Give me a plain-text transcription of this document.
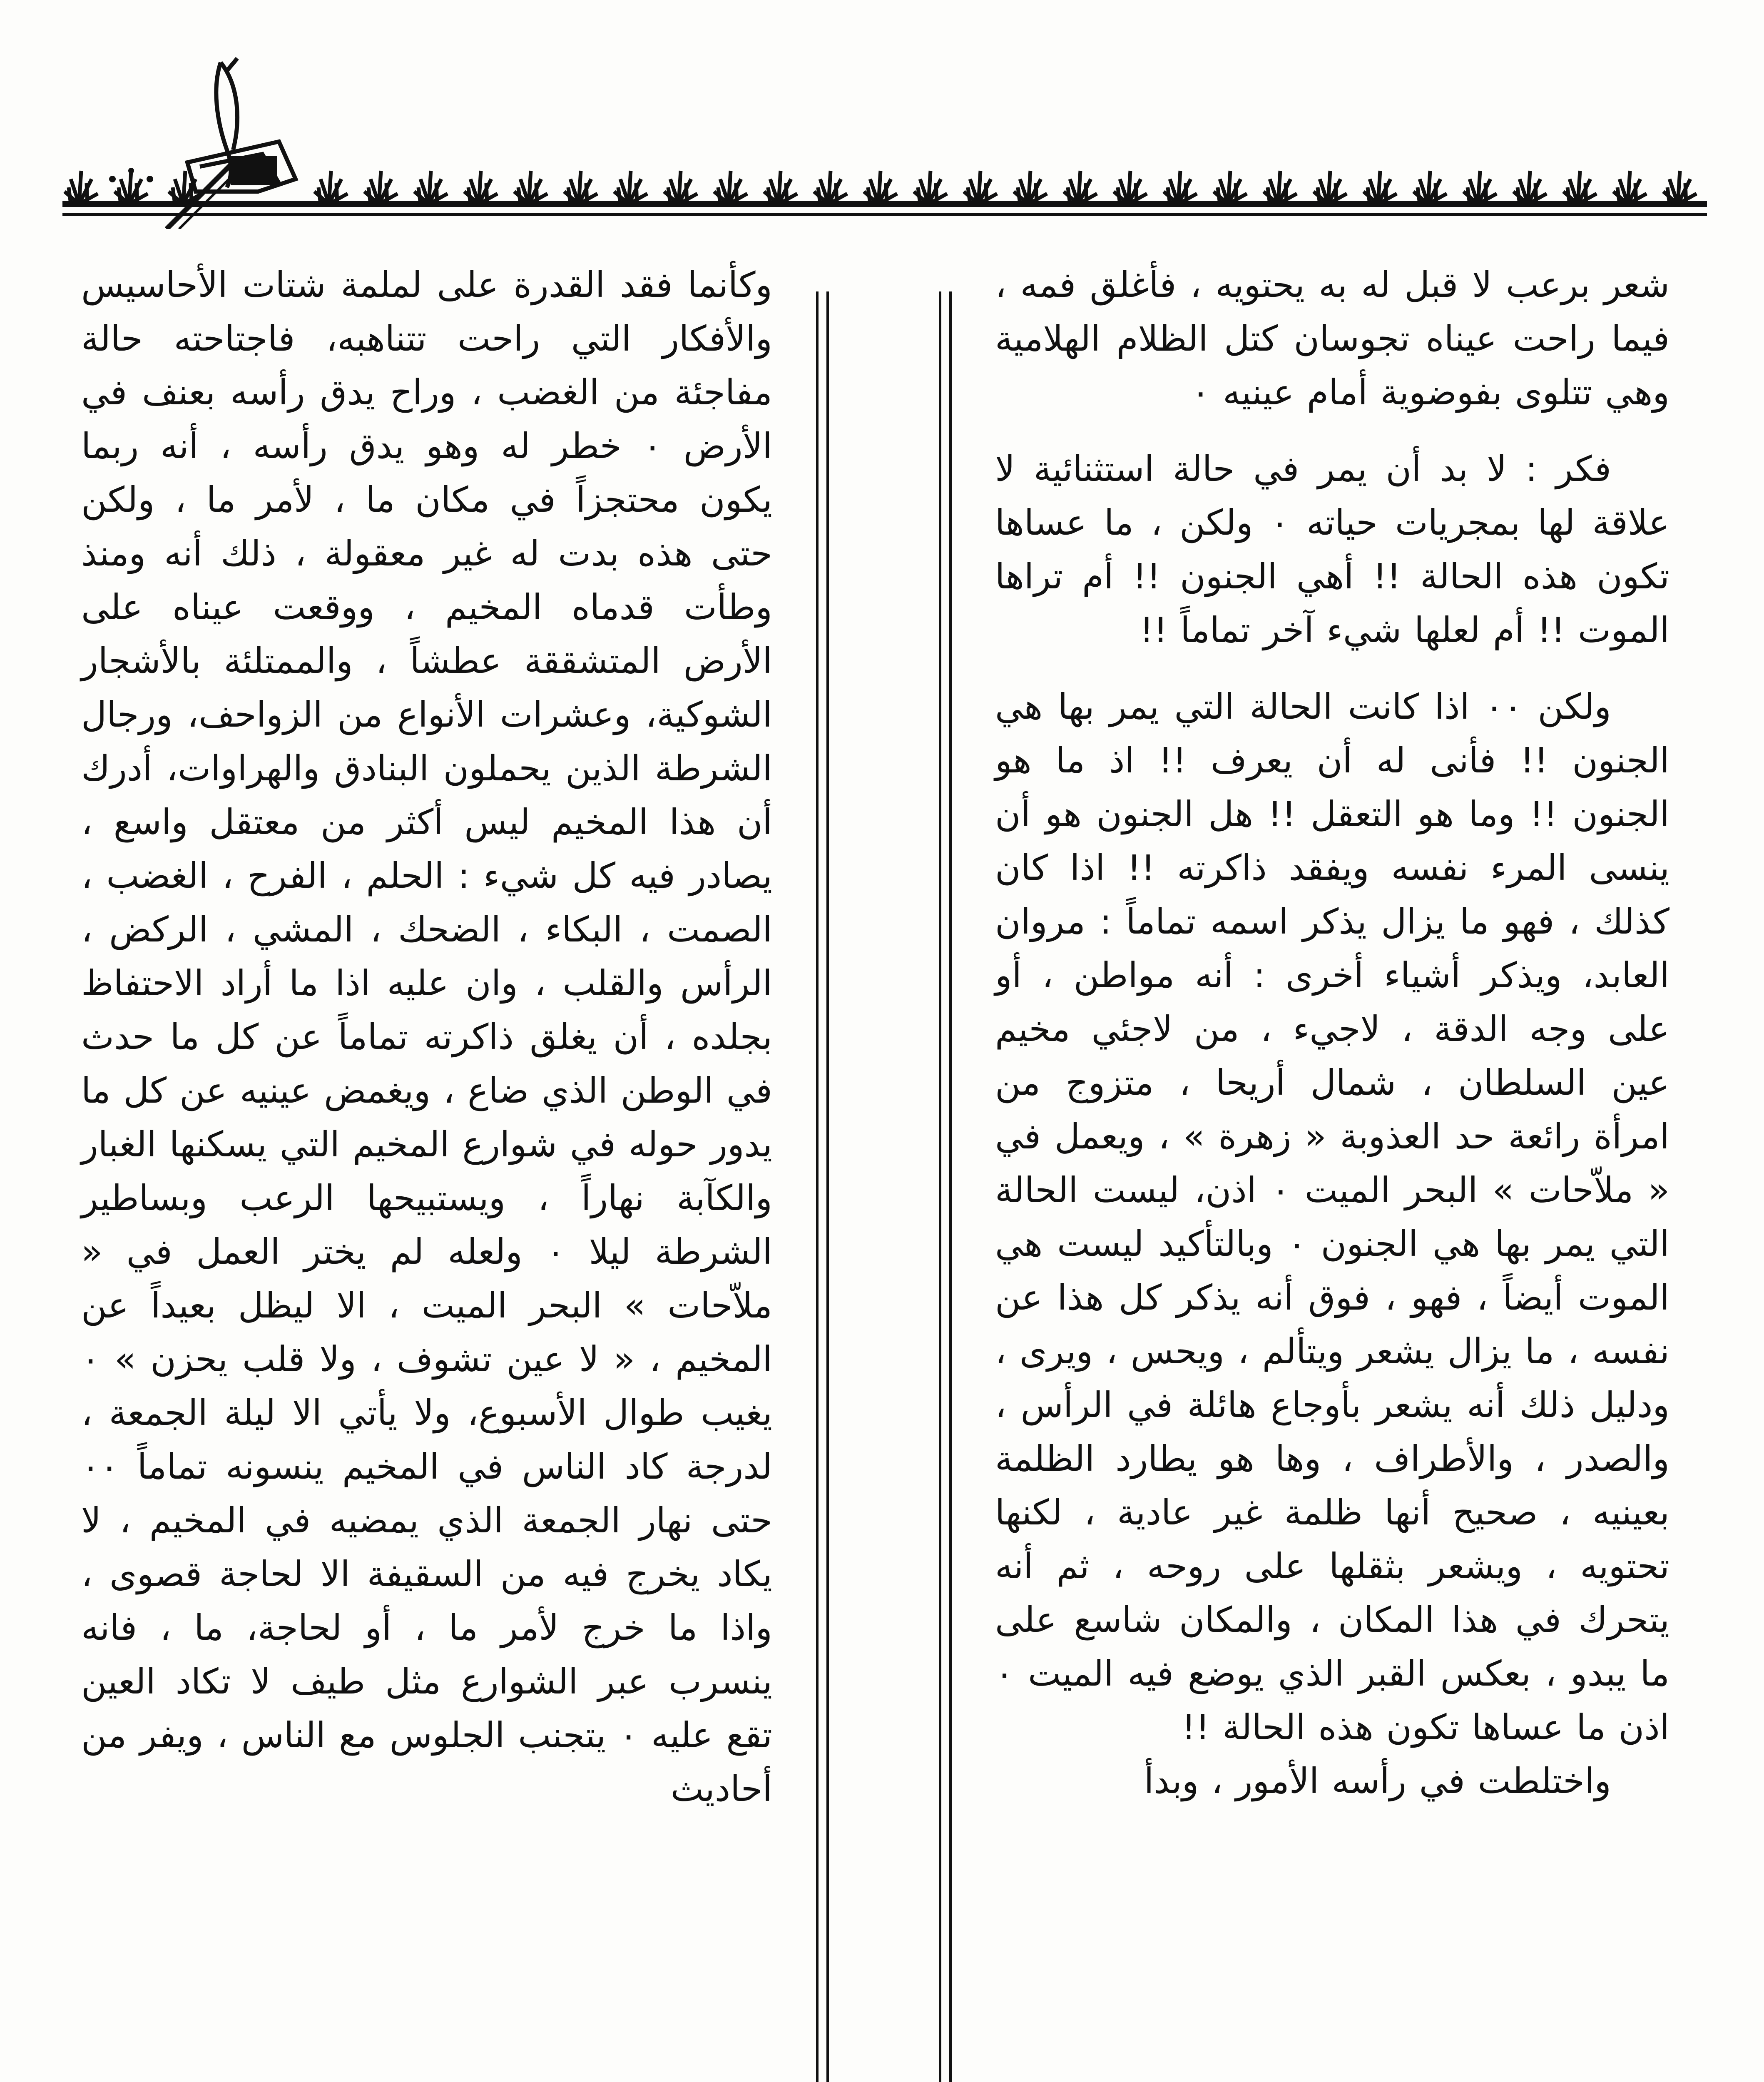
شعر برعب لا قبل له به يحتويه ، فأغلق فمه ، فيما راحت عيناه تجوسان كتل الظلام الهلامية وهي تتلوى بفوضوية أمام عينيه ٠

فكر : لا بد أن يمر في حالة استثنائية لا علاقة لها بمجريات حياته ٠ ولكن ، ما عساها تكون هذه الحالة !! أهي الجنون !! أم تراها الموت !! أم لعلها شيء آخر تماماً !!

ولكن ٠٠ اذا كانت الحالة التي يمر بها هي الجنون !! فأنى له أن يعرف !! اذ ما هو الجنون !! وما هو التعقل !! هل الجنون هو أن ينسى المرء نفسه ويفقد ذاكرته !! اذا كان كذلك ، فهو ما يزال يذكر اسمه تماماً : مروان العابد، ويذكر أشياء أخرى : أنه مواطن ، أو على وجه الدقة ، لاجيء ، من لاجئي مخيم عين السلطان ، شمال أريحا ، متزوج من امرأة رائعة حد العذوبة « زهرة » ، ويعمل في « ملاّحات » البحر الميت ٠ اذن، ليست الحالة التي يمر بها هي الجنون ٠ وبالتأكيد ليست هي الموت أيضاً ، فهو ، فوق أنه يذكر كل هذا عن نفسه ، ما يزال يشعر ويتألم ، ويحس ، ويرى ، ودليل ذلك أنه يشعر بأوجاع هائلة في الرأس ، والصدر ، والأطراف ، وها هو يطارد الظلمة بعينيه ، صحيح أنها ظلمة غير عادية ، لكنها تحتويه ، ويشعر بثقلها على روحه ، ثم أنه يتحرك في هذا المكان ، والمكان شاسع على ما يبدو ، بعكس القبر الذي يوضع فيه الميت ٠ اذن ما عساها تكون هذه الحالة !!

واختلطت في رأسه الأمور ، وبدأ

وكأنما فقد القدرة على لملمة شتات الأحاسيس والأفكار التي راحت تتناهبه، فاجتاحته حالة مفاجئة من الغضب ، وراح يدق رأسه بعنف في الأرض ٠ خطر له وهو يدق رأسه ، أنه ربما يكون محتجزاً في مكان ما ، لأمر ما ، ولكن حتى هذه بدت له غير معقولة ، ذلك أنه ومنذ وطأت قدماه المخيم ، ووقعت عيناه على الأرض المتشققة عطشاً ، والممتلئة بالأشجار الشوكية، وعشرات الأنواع من الزواحف، ورجال الشرطة الذين يحملون البنادق والهراوات، أدرك أن هذا المخيم ليس أكثر من معتقل واسع ، يصادر فيه كل شيء : الحلم ، الفرح ، الغضب ، الصمت ، البكاء ، الضحك ، المشي ، الركض ، الرأس والقلب ، وان عليه اذا ما أراد الاحتفاظ بجلده ، أن يغلق ذاكرته تماماً عن كل ما حدث في الوطن الذي ضاع ، ويغمض عينيه عن كل ما يدور حوله في شوارع المخيم التي يسكنها الغبار والكآبة نهاراً ، ويستبيحها الرعب وبساطير الشرطة ليلا ٠ ولعله لم يختر العمل في « ملاّحات » البحر الميت ، الا ليظل بعيداً عن المخيم ، « لا عين تشوف ، ولا قلب يحزن » ٠ يغيب طوال الأسبوع، ولا يأتي الا ليلة الجمعة ، لدرجة كاد الناس في المخيم ينسونه تماماً ٠٠ حتى نهار الجمعة الذي يمضيه في المخيم ، لا يكاد يخرج فيه من السقيفة الا لحاجة قصوى ، واذا ما خرج لأمر ما ، أو لحاجة، ما ، فانه ينسرب عبر الشوارع مثل طيف لا تكاد العين تقع عليه ٠ يتجنب الجلوس مع الناس ، ويفر من أحاديث
